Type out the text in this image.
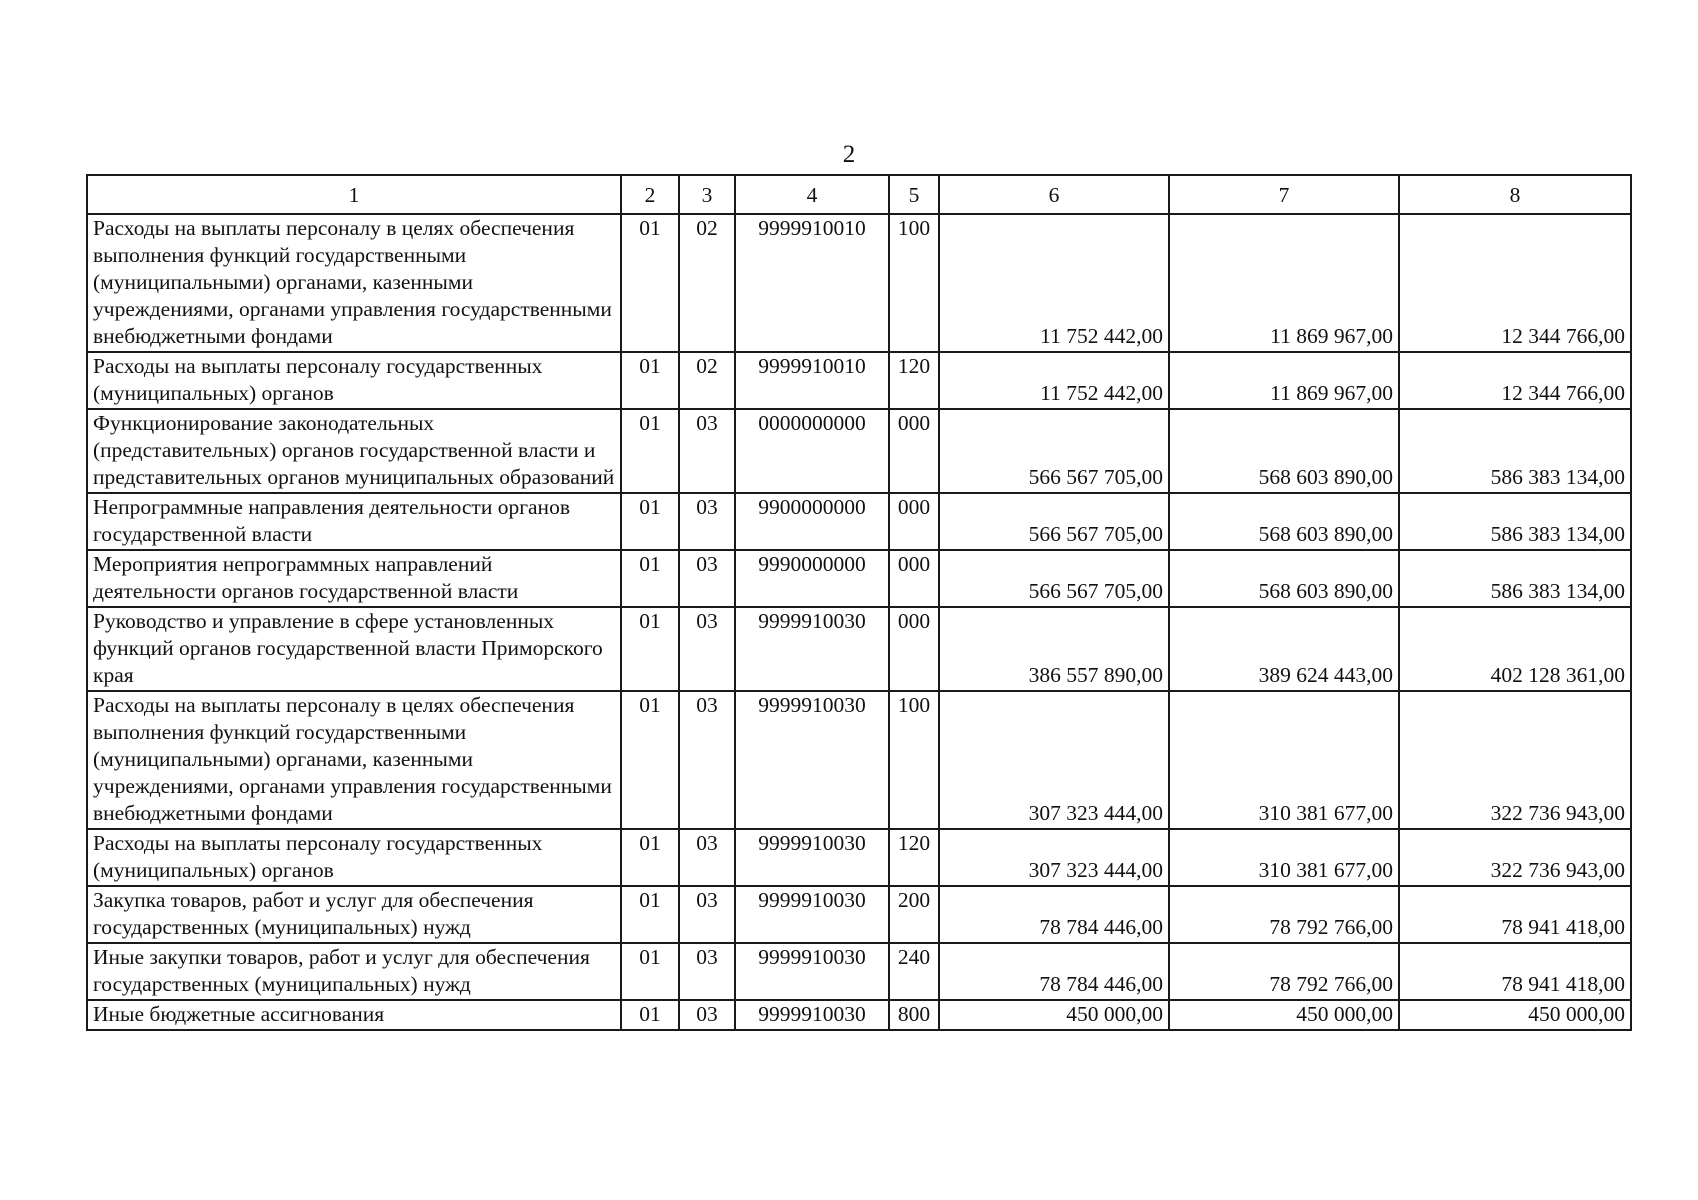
2
1	2	3	4	5	6	7	8
Расходы на выплаты персоналу в целях обеспечения выполнения функций государственными (муниципальными) органами, казенными учреждениями, органами управления государственными внебюджетными фондами	01	02	9999910010	100	11 752 442,00	11 869 967,00	12 344 766,00
Расходы на выплаты персоналу государственных (муниципальных) органов	01	02	9999910010	120	11 752 442,00	11 869 967,00	12 344 766,00
Функционирование законодательных (представительных) органов государственной власти и представительных органов муниципальных образований	01	03	0000000000	000	566 567 705,00	568 603 890,00	586 383 134,00
Непрограммные направления деятельности органов государственной власти	01	03	9900000000	000	566 567 705,00	568 603 890,00	586 383 134,00
Мероприятия непрограммных направлений деятельности органов государственной власти	01	03	9990000000	000	566 567 705,00	568 603 890,00	586 383 134,00
Руководство и управление в сфере установленных функций органов государственной власти Приморского края	01	03	9999910030	000	386 557 890,00	389 624 443,00	402 128 361,00
Расходы на выплаты персоналу в целях обеспечения выполнения функций государственными (муниципальными) органами, казенными учреждениями, органами управления государственными внебюджетными фондами	01	03	9999910030	100	307 323 444,00	310 381 677,00	322 736 943,00
Расходы на выплаты персоналу государственных (муниципальных) органов	01	03	9999910030	120	307 323 444,00	310 381 677,00	322 736 943,00
Закупка товаров, работ и услуг для обеспечения государственных (муниципальных) нужд	01	03	9999910030	200	78 784 446,00	78 792 766,00	78 941 418,00
Иные закупки товаров, работ и услуг для обеспечения государственных (муниципальных) нужд	01	03	9999910030	240	78 784 446,00	78 792 766,00	78 941 418,00
Иные бюджетные ассигнования	01	03	9999910030	800	450 000,00	450 000,00	450 000,00
